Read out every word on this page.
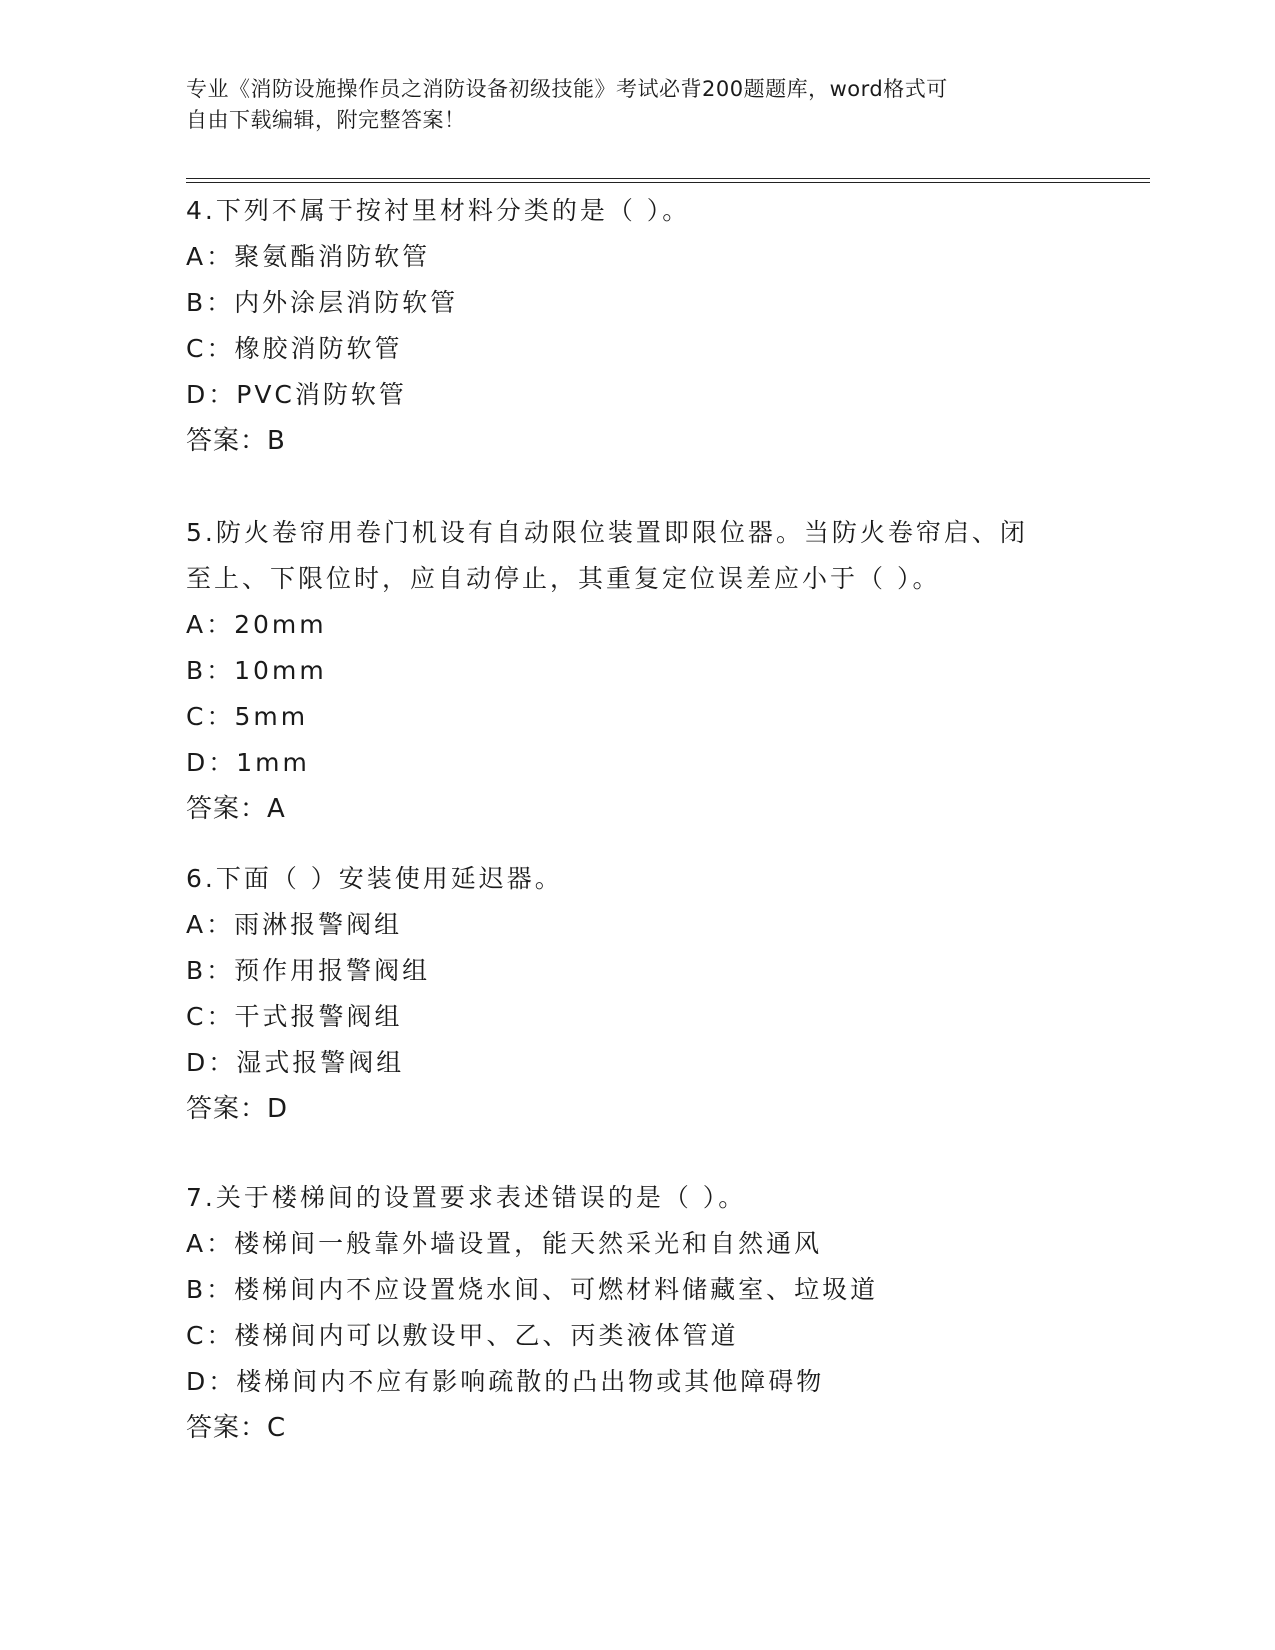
专业《消防设施操作员之消防设备初级技能》考试必背200题题库，word格式可

自由下载编辑，附完整答案！

4.下列不属于按衬里材料分类的是（ ）。

A：聚氨酯消防软管

B：内外涂层消防软管

C：橡胶消防软管

D：PVC消防软管

答案：B

5.防火卷帘用卷门机设有自动限位装置即限位器。当防火卷帘启、闭

至上、下限位时，应自动停止，其重复定位误差应小于（ ）。

A：20mm

B：10mm

C：5mm

D：1mm

答案：A

6.下面（ ）安装使用延迟器。

A：雨淋报警阀组

B：预作用报警阀组

C：干式报警阀组

D：湿式报警阀组

答案：D

7.关于楼梯间的设置要求表述错误的是（ ）。

A：楼梯间一般靠外墙设置，能天然采光和自然通风

B：楼梯间内不应设置烧水间、可燃材料储藏室、垃圾道

C：楼梯间内可以敷设甲、乙、丙类液体管道

D：楼梯间内不应有影响疏散的凸出物或其他障碍物

答案：C
